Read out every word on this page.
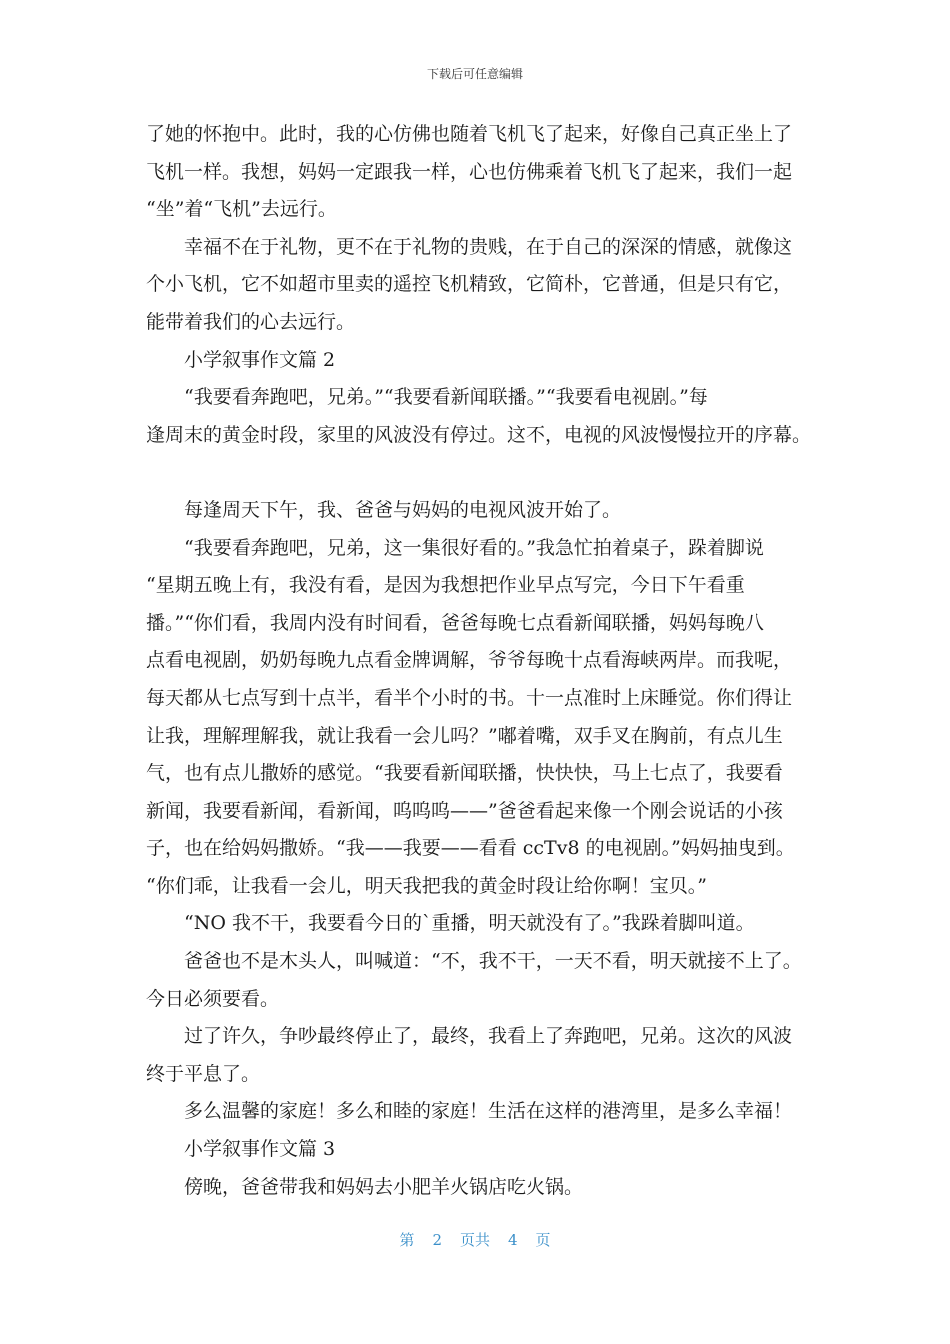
下载后可任意编辑
了她的怀抱中。此时，我的心仿佛也随着飞机飞了起来，好像自己真正坐上了
飞机一样。我想，妈妈一定跟我一样，心也仿佛乘着飞机飞了起来，我们一起
“坐”着“飞机”去远行。
幸福不在于礼物，更不在于礼物的贵贱，在于自己的深深的情感，就像这
个小飞机，它不如超市里卖的遥控飞机精致，它简朴，它普通，但是只有它，
能带着我们的心去远行。
小学叙事作文篇 2
“我要看奔跑吧，兄弟。”“我要看新闻联播。”“我要看电视剧。”每
逢周末的黄金时段，家里的风波没有停过。这不，电视的风波慢慢拉开的序幕。
每逢周天下午，我、爸爸与妈妈的电视风波开始了。
“我要看奔跑吧，兄弟，这一集很好看的。”我急忙拍着桌子，跺着脚说
“星期五晚上有，我没有看，是因为我想把作业早点写完，今日下午看重
播。”“你们看，我周内没有时间看，爸爸每晚七点看新闻联播，妈妈每晚八
点看电视剧，奶奶每晚九点看金牌调解，爷爷每晚十点看海峡两岸。而我呢，
每天都从七点写到十点半，看半个小时的书。十一点准时上床睡觉。你们得让
让我，理解理解我，就让我看一会儿吗？”嘟着嘴，双手叉在胸前，有点儿生
气，也有点儿撒娇的感觉。“我要看新闻联播，快快快，马上七点了，我要看
新闻，我要看新闻，看新闻，呜呜呜——”爸爸看起来像一个刚会说话的小孩
子，也在给妈妈撒娇。“我——我要——看看 ccTv8 的电视剧。”妈妈抽曳到。
“你们乖，让我看一会儿，明天我把我的黄金时段让给你啊！宝贝。”
“NO 我不干，我要看今日的`重播，明天就没有了。”我跺着脚叫道。
爸爸也不是木头人，叫喊道：“不，我不干，一天不看，明天就接不上了。
今日必须要看。
过了许久，争吵最终停止了，最终，我看上了奔跑吧，兄弟。这次的风波
终于平息了。
多么温馨的家庭！多么和睦的家庭！生活在这样的港湾里，是多么幸福！
小学叙事作文篇 3
傍晚，爸爸带我和妈妈去小肥羊火锅店吃火锅。
第 2 页共 4 页
